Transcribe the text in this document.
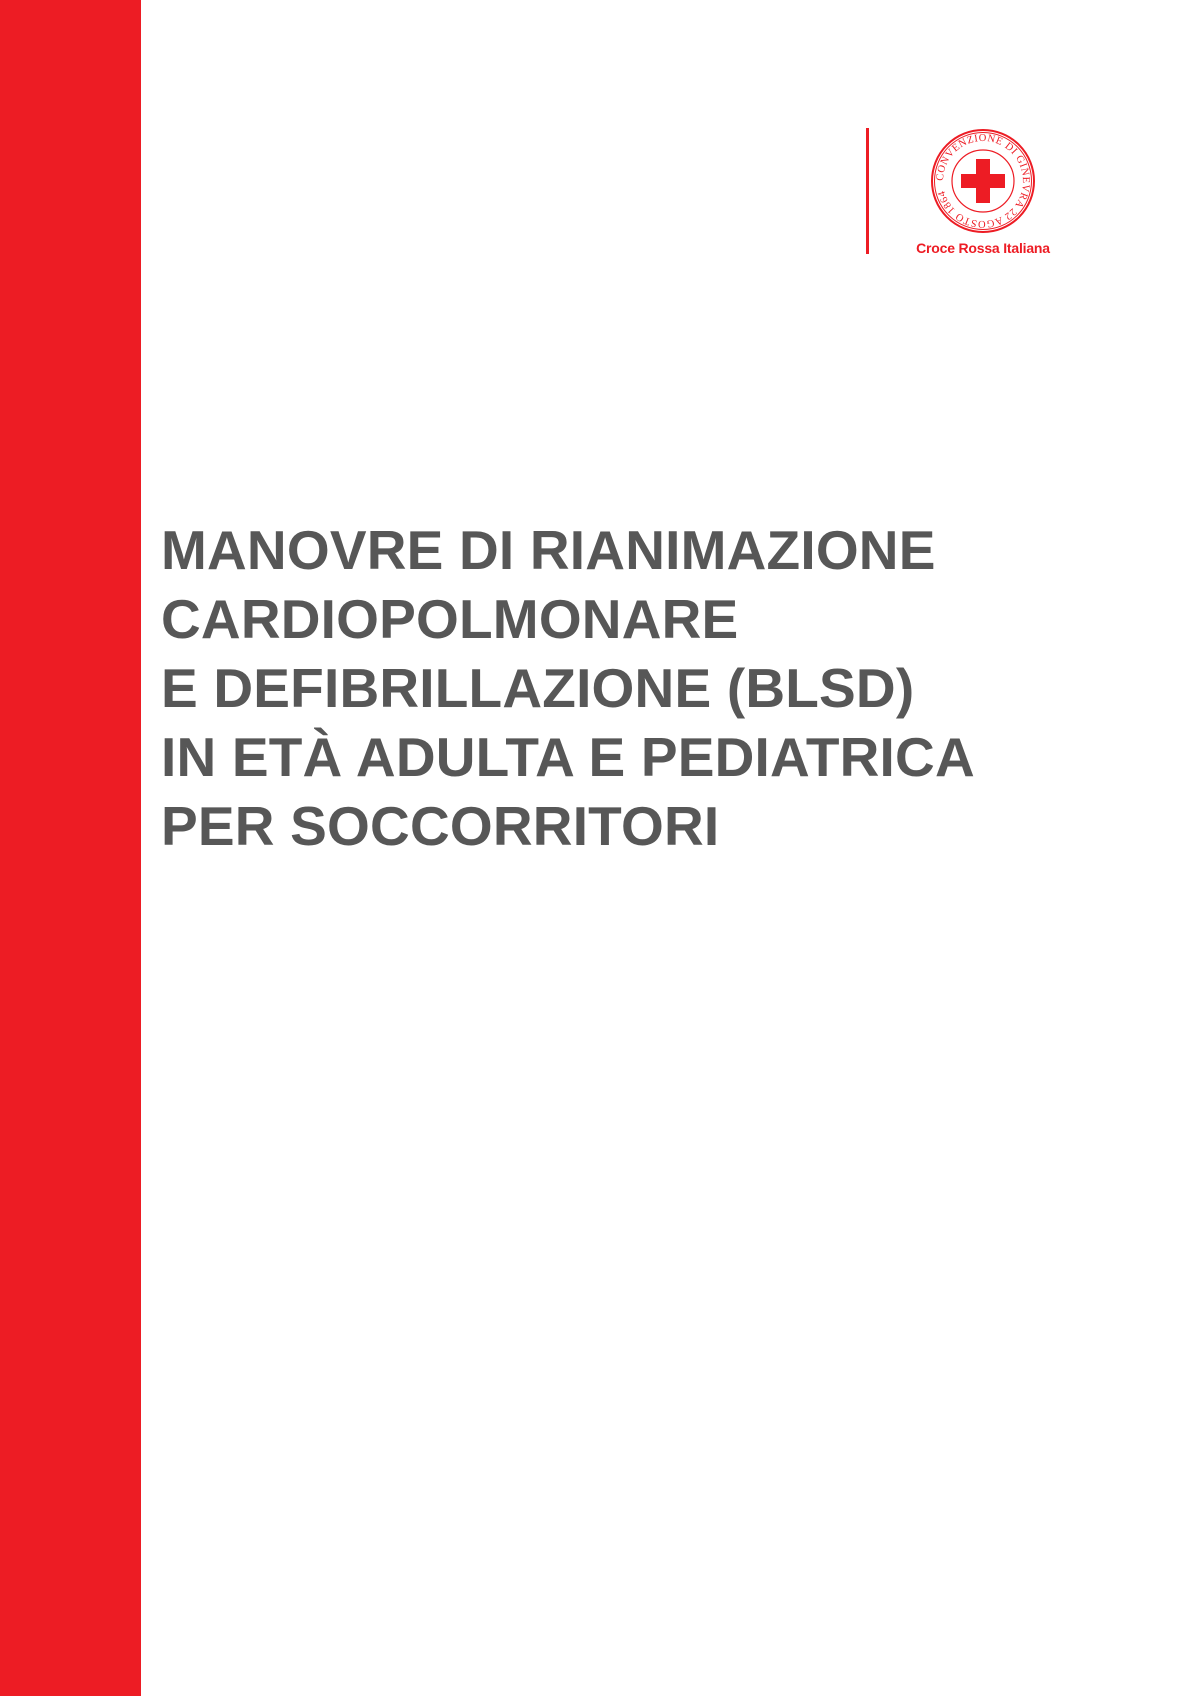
CONVENZIONE DI GINEVRA 22 AGOSTO 1864
Croce Rossa Italiana
MANOVRE DI RIANIMAZIONE
CARDIOPOLMONARE
E DEFIBRILLAZIONE (BLSD)
IN ETÀ ADULTA E PEDIATRICA
PER SOCCORRITORI
